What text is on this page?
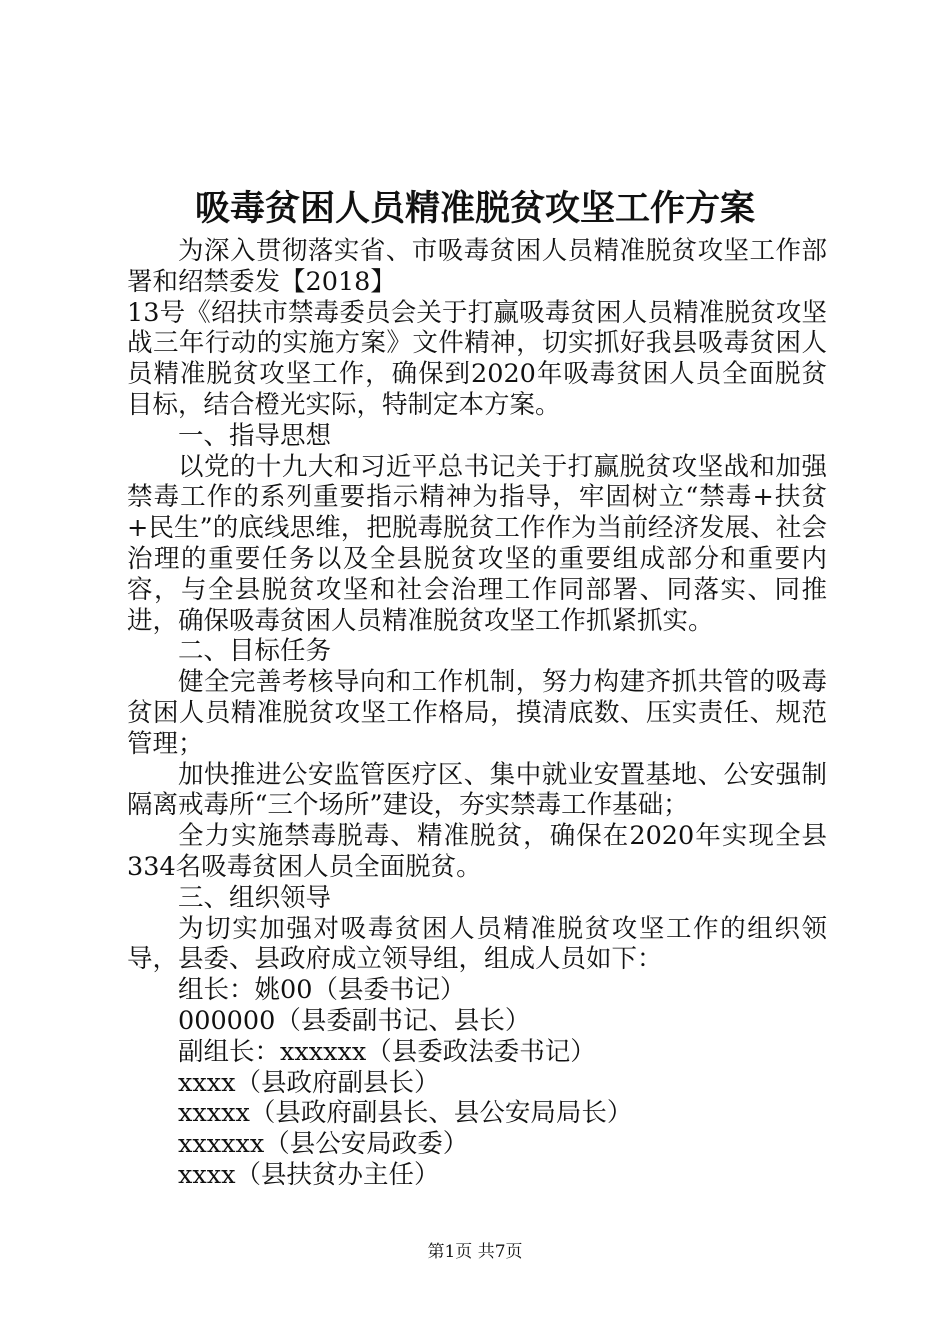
吸毒贫困人员精准脱贫攻坚工作方案

为深入贯彻落实省、市吸毒贫困人员精准脱贫攻坚工作部署和绍禁委发【2018】

13号《绍扶市禁毒委员会关于打赢吸毒贫困人员精准脱贫攻坚战三年行动的实施方案》文件精神，切实抓好我县吸毒贫困人员精准脱贫攻坚工作，确保到2020年吸毒贫困人员全面脱贫目标，结合橙光实际，特制定本方案。

一、指导思想

以党的十九大和习近平总书记关于打赢脱贫攻坚战和加强禁毒工作的系列重要指示精神为指导，牢固树立“禁毒+扶贫+民生”的底线思维，把脱毒脱贫工作作为当前经济发展、社会治理的重要任务以及全县脱贫攻坚的重要组成部分和重要内容，与全县脱贫攻坚和社会治理工作同部署、同落实、同推进，确保吸毒贫困人员精准脱贫攻坚工作抓紧抓实。

二、目标任务

健全完善考核导向和工作机制，努力构建齐抓共管的吸毒贫困人员精准脱贫攻坚工作格局，摸清底数、压实责任、规范管理；

加快推进公安监管医疗区、集中就业安置基地、公安强制隔离戒毒所“三个场所”建设，夯实禁毒工作基础；

全力实施禁毒脱毒、精准脱贫，确保在2020年实现全县334名吸毒贫困人员全面脱贫。

三、组织领导

为切实加强对吸毒贫困人员精准脱贫攻坚工作的组织领导，县委、县政府成立领导组，组成人员如下：

组长：姚00（县委书记）

000000（县委副书记、县长）

副组长：xxxxxx（县委政法委书记）

xxxx（县政府副县长）

xxxxx（县政府副县长、县公安局局长）

xxxxxx（县公安局政委）

xxxx（县扶贫办主任）

第1页 共7页
